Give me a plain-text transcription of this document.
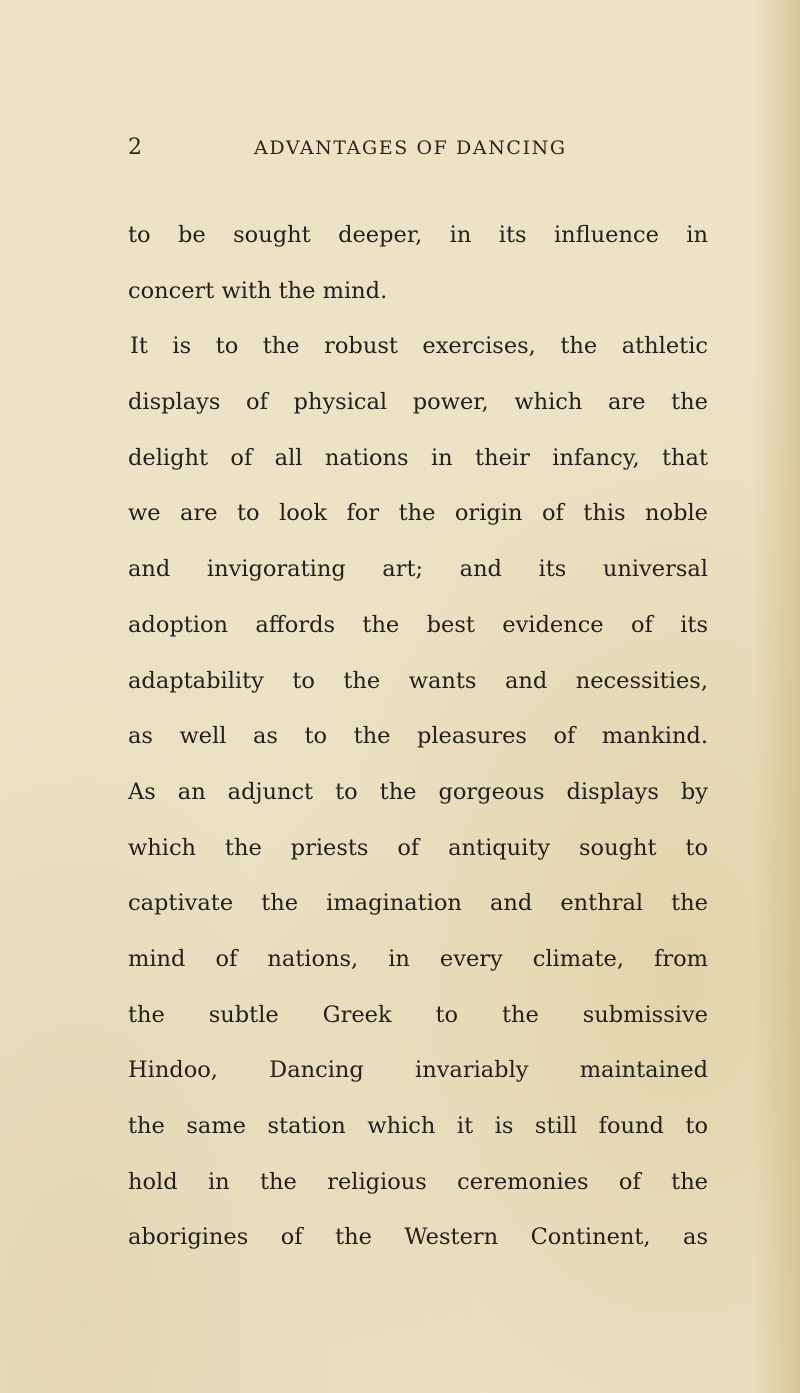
2	ADVANTAGES OF DANCING
to be sought deeper, in its influence in
concert with the mind.
It is to the robust exercises, the athletic
displays of physical power, which are the
delight of all nations in their infancy, that
we are to look for the origin of this noble
and invigorating art; and its universal
adoption affords the best evidence of its
adaptability to the wants and necessities,
as well as to the pleasures of mankind.
As an adjunct to the gorgeous displays by
which the priests of antiquity sought to
captivate the imagination and enthral the
mind of nations, in every climate, from
the subtle Greek to the submissive
Hindoo, Dancing invariably maintained
the same station which it is still found to
hold in the religious ceremonies of the
aborigines of the Western Continent, as
